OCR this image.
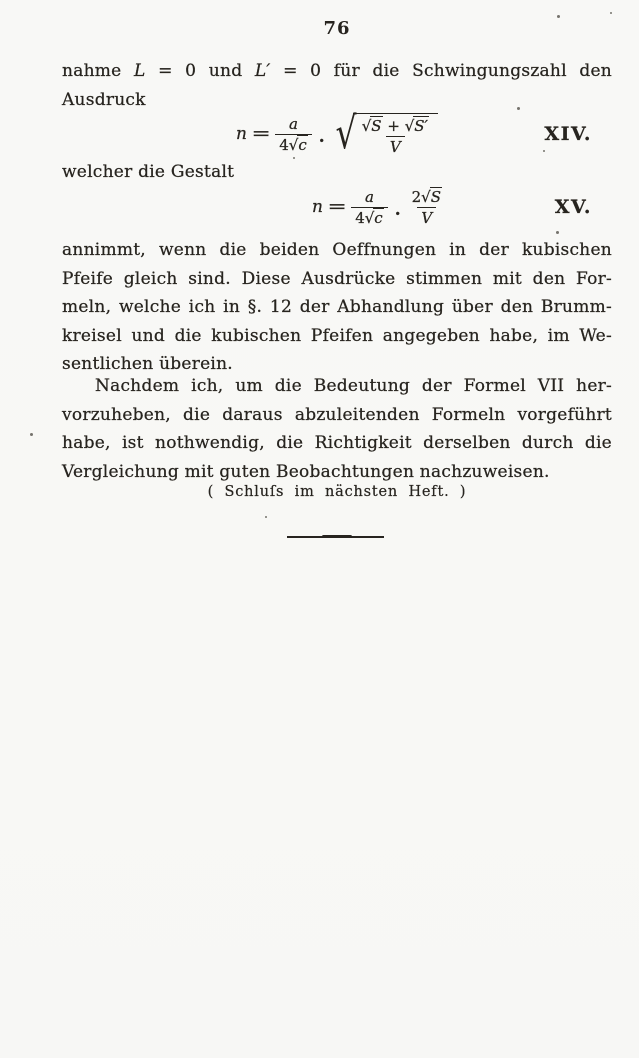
76
nahme L = 0 und L′ = 0 für die Schwingungszahl den
Ausdruck
$n = \frac{a}{4√c}$ . √ $\frac{√S + √S'}{V}$	XIV.
welcher die Gestalt
$n = \frac{a}{4√c}$ . $\frac{2√S}{V}$	XV.
annimmt, wenn die beiden Oeffnungen in der kubischen
Pfeife gleich sind. Diese Ausdrücke stimmen mit den For-
meln, welche ich in §. 12 der Abhandlung über den Brumm-
kreisel und die kubischen Pfeifen angegeben habe, im We-
sentlichen überein.
Nachdem ich, um die Bedeutung der Formel VII her-
vorzuheben, die daraus abzuleitenden Formeln vorgeführt
habe, ist nothwendig, die Richtigkeit derselben durch die
Vergleichung mit guten Beobachtungen nachzuweisen.
( Schluſs im nächsten Heft. )
